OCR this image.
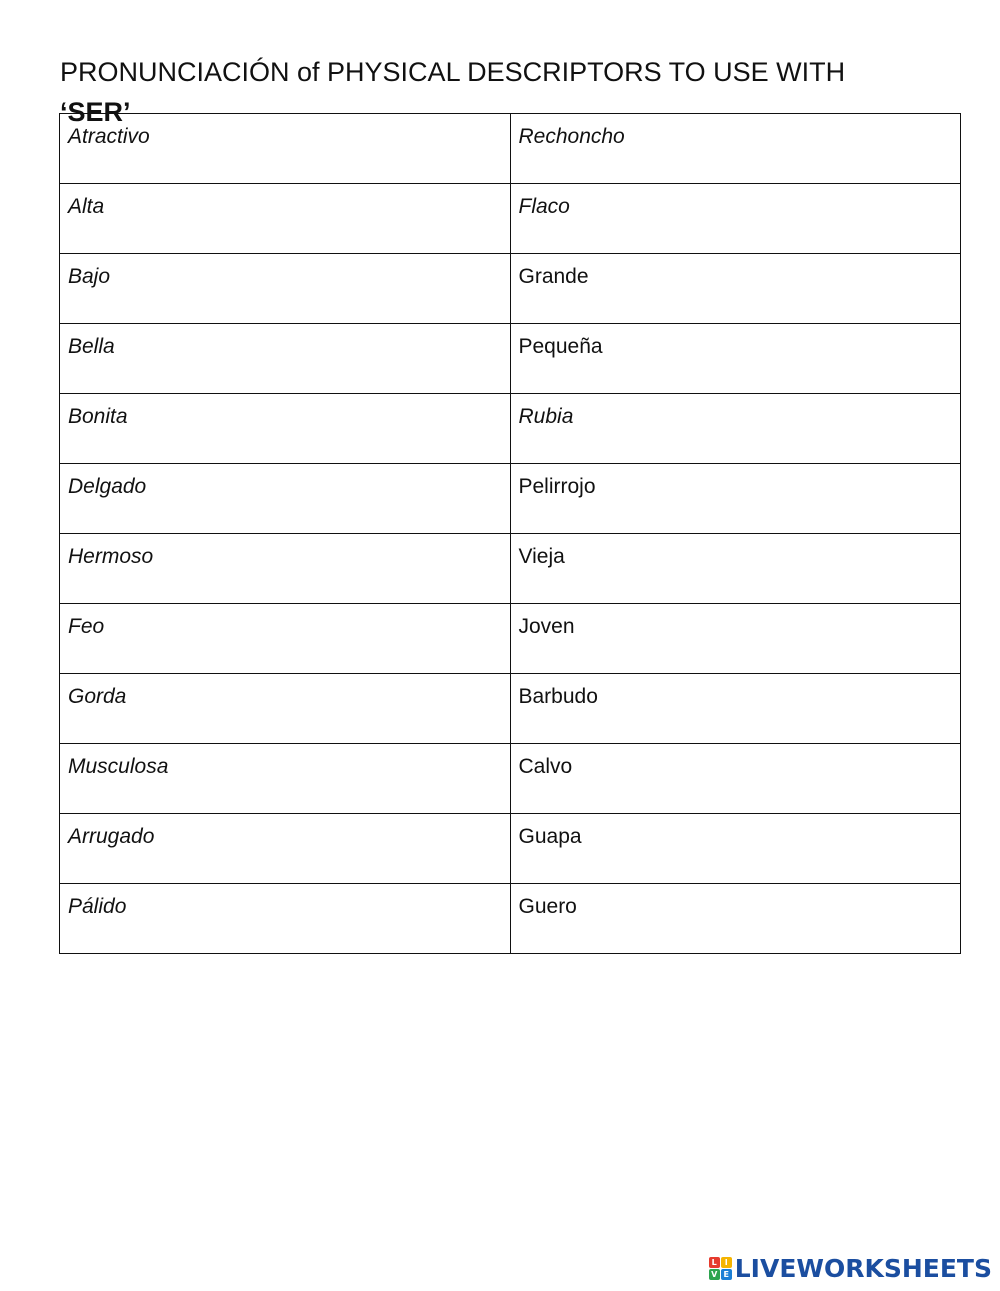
PRONUNCIACIÓN of PHYSICAL DESCRIPTORS TO USE WITH
‘SER’
Atractivo	Rechoncho
Alta	Flaco
Bajo	Grande
Bella	Pequeña
Bonita	Rubia
Delgado	Pelirrojo
Hermoso	Vieja
Feo	Joven
Gorda	Barbudo
Musculosa	Calvo
Arrugado	Guapa
Pálido	Guero
L I
V E LIVEWORKSHEETS
